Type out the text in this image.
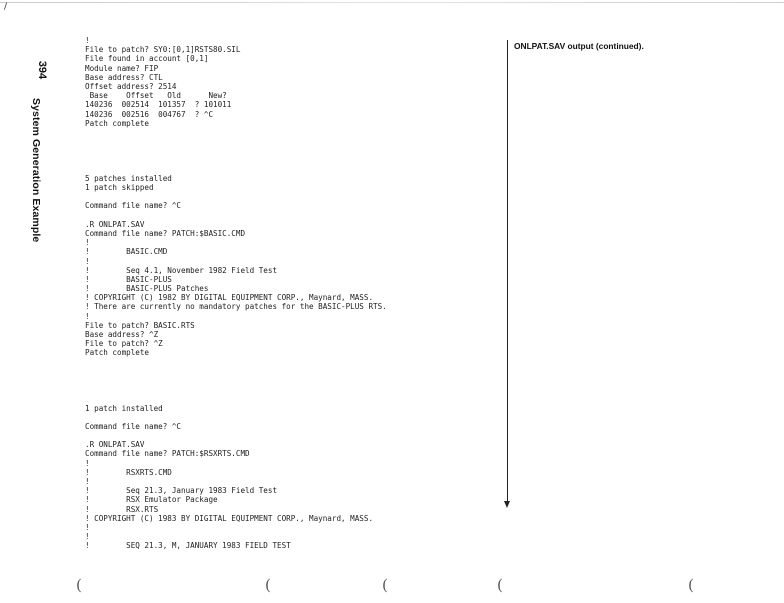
/
394
System Generation Example
!
File to patch? SY0:[0,1]RSTS80.SIL
File found in account [0,1]
Module name? FIP
Base address? CTL
Offset address? 2514
Base    Offset   Old      New?
140236  002514  101357  ? 101011
140236  002516  004767  ? ^C
Patch complete
5 patches installed
1 patch skipped
Command file name? ^C
.R ONLPAT.SAV
Command file name? PATCH:$BASIC.CMD
!
!        BASIC.CMD
!
!        Seq 4.1, November 1982 Field Test
!        BASIC-PLUS
!        BASIC-PLUS Patches
! COPYRIGHT (C) 1982 BY DIGITAL EQUIPMENT CORP., Maynard, MASS.
! There are currently no mandatory patches for the BASIC-PLUS RTS.
!
File to patch? BASIC.RTS
Base address? ^Z
File to patch? ^Z
Patch complete
1 patch installed
Command file name? ^C
.R ONLPAT.SAV
Command file name? PATCH:$RSXRTS.CMD
!
!        RSXRTS.CMD
!
!        Seq 21.3, January 1983 Field Test
!        RSX Emulator Package
!        RSX.RTS
! COPYRIGHT (C) 1983 BY DIGITAL EQUIPMENT CORP., Maynard, MASS.
!
!
!        SEQ 21.3, M, JANUARY 1983 FIELD TEST
ONLPAT.SAV output (continued).
(	(	(	(	(
